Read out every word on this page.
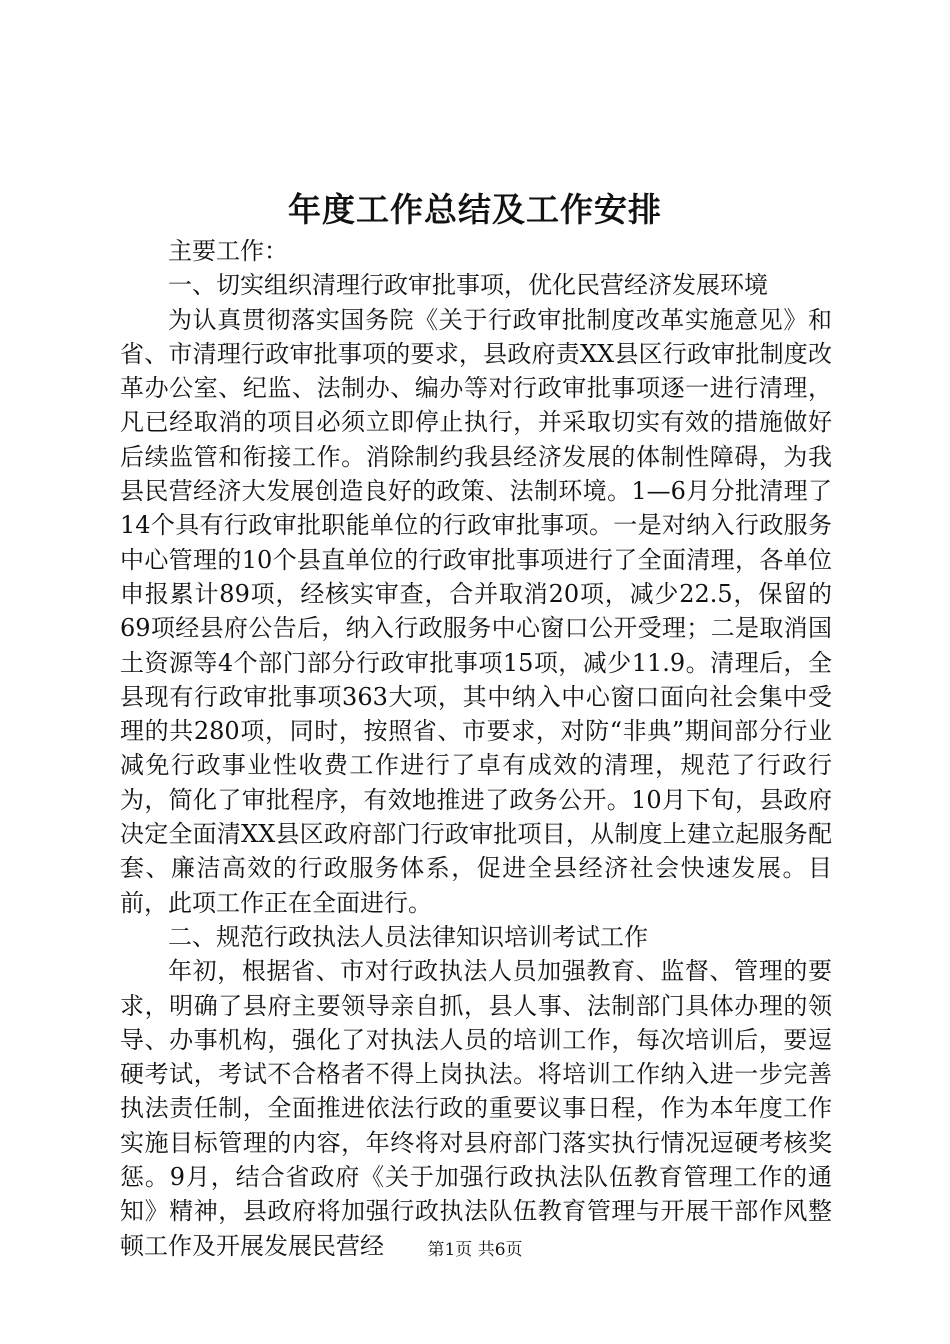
年度工作总结及工作安排

主要工作：

一、切实组织清理行政审批事项，优化民营经济发展环境

为认真贯彻落实国务院《关于行政审批制度改革实施意见》和省、市清理行政审批事项的要求，县政府责XX县区行政审批制度改革办公室、纪监、法制办、编办等对行政审批事项逐一进行清理，凡已经取消的项目必须立即停止执行，并采取切实有效的措施做好后续监管和衔接工作。消除制约我县经济发展的体制性障碍，为我县民营经济大发展创造良好的政策、法制环境。1—6月分批清理了14个具有行政审批职能单位的行政审批事项。一是对纳入行政服务中心管理的10个县直单位的行政审批事项进行了全面清理，各单位申报累计89项，经核实审查，合并取消20项，减少22.5，保留的69项经县府公告后，纳入行政服务中心窗口公开受理；二是取消国土资源等4个部门部分行政审批事项15项，减少11.9。清理后，全县现有行政审批事项363大项，其中纳入中心窗口面向社会集中受理的共280项，同时，按照省、市要求，对防“非典”期间部分行业减免行政事业性收费工作进行了卓有成效的清理，规范了行政行为，简化了审批程序，有效地推进了政务公开。10月下旬，县政府决定全面清XX县区政府部门行政审批项目，从制度上建立起服务配套、廉洁高效的行政服务体系，促进全县经济社会快速发展。目前，此项工作正在全面进行。

二、规范行政执法人员法律知识培训考试工作

年初，根据省、市对行政执法人员加强教育、监督、管理的要求，明确了县府主要领导亲自抓，县人事、法制部门具体办理的领导、办事机构，强化了对执法人员的培训工作，每次培训后，要逗硬考试，考试不合格者不得上岗执法。将培训工作纳入进一步完善执法责任制，全面推进依法行政的重要议事日程，作为本年度工作实施目标管理的内容，年终将对县府部门落实执行情况逗硬考核奖惩。9月，结合省政府《关于加强行政执法队伍教育管理工作的通知》精神，县政府将加强行政执法队伍教育管理与开展干部作风整顿工作及开展发展民营经	第1页 共6页
